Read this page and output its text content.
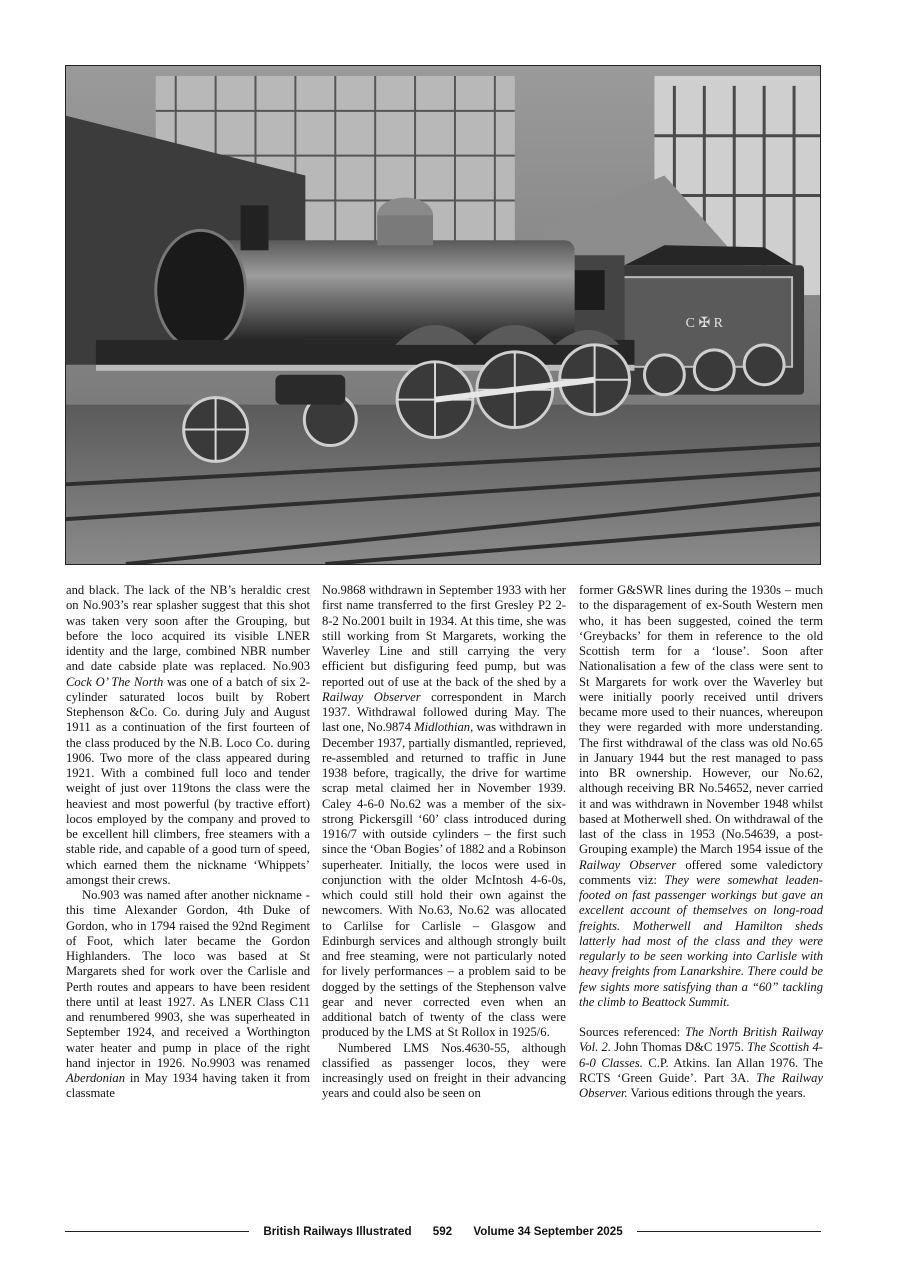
C ✠ R

and black. The lack of the NB’s heraldic crest on No.903’s rear splasher suggest that this shot was taken very soon after the Grouping, but before the loco acquired its visible LNER identity and the large, combined NBR number and date cabside plate was replaced. No.903 Cock O’ The North was one of a batch of six 2-cylinder saturated locos built by Robert Stephenson &Co. Co. during July and August 1911 as a continuation of the first fourteen of the class produced by the N.B. Loco Co. during 1906. Two more of the class appeared during 1921. With a combined full loco and tender weight of just over 119tons the class were the heaviest and most powerful (by tractive effort) locos employed by the company and proved to be excellent hill climbers, free steamers with a stable ride, and capable of a good turn of speed, which earned them the nickname ‘Whippets’ amongst their crews.

No.903 was named after another nickname - this time Alexander Gordon, 4th Duke of Gordon, who in 1794 raised the 92nd Regiment of Foot, which later became the Gordon Highlanders. The loco was based at St Margarets shed for work over the Carlisle and Perth routes and appears to have been resident there until at least 1927. As LNER Class C11 and renumbered 9903, she was superheated in September 1924, and received a Worthington water heater and pump in place of the right hand injector in 1926. No.9903 was renamed Aberdonian in May 1934 having taken it from classmate

No.9868 withdrawn in September 1933 with her first name transferred to the first Gresley P2 2-8-2 No.2001 built in 1934. At this time, she was still working from St Margarets, working the Waverley Line and still carrying the very efficient but disfiguring feed pump, but was reported out of use at the back of the shed by a Railway Observer correspondent in March 1937. Withdrawal followed during May. The last one, No.9874 Midlothian, was withdrawn in December 1937, partially dismantled, reprieved, re-assembled and returned to traffic in June 1938 before, tragically, the drive for wartime scrap metal claimed her in November 1939. Caley 4-6-0 No.62 was a member of the six-strong Pickersgill ‘60’ class introduced during 1916/7 with outside cylinders – the first such since the ‘Oban Bogies’ of 1882 and a Robinson superheater. Initially, the locos were used in conjunction with the older McIntosh 4-6-0s, which could still hold their own against the newcomers. With No.63, No.62 was allocated to Carlilse for Carlisle – Glasgow and Edinburgh services and although strongly built and free steaming, were not particularly noted for lively performances – a problem said to be dogged by the settings of the Stephenson valve gear and never corrected even when an additional batch of twenty of the class were produced by the LMS at St Rollox in 1925/6.

Numbered LMS Nos.4630-55, although classified as passenger locos, they were increasingly used on freight in their advancing years and could also be seen on

former G&SWR lines during the 1930s – much to the disparagement of ex-South Western men who, it has been suggested, coined the term ‘Greybacks’ for them in reference to the old Scottish term for a ‘louse’. Soon after Nationalisation a few of the class were sent to St Margarets for work over the Waverley but were initially poorly received until drivers became more used to their nuances, whereupon they were regarded with more understanding. The first withdrawal of the class was old No.65 in January 1944 but the rest managed to pass into BR ownership. However, our No.62, although receiving BR No.54652, never carried it and was withdrawn in November 1948 whilst based at Motherwell shed. On withdrawal of the last of the class in 1953 (No.54639, a post-Grouping example) the March 1954 issue of the Railway Observer offered some valedictory comments viz: They were somewhat leaden-footed on fast passenger workings but gave an excellent account of themselves on long-road freights. Motherwell and Hamilton sheds latterly had most of the class and they were regularly to be seen working into Carlisle with heavy freights from Lanarkshire. There could be few sights more satisfying than a “60” tackling the climb to Beattock Summit.

Sources referenced: The North British Railway Vol. 2. John Thomas D&C 1975. The Scottish 4-6-0 Classes. C.P. Atkins. Ian Allan 1976. The RCTS ‘Green Guide’. Part 3A. The Railway Observer. Various editions through the years.

British Railways Illustrated 592 Volume 34 September 2025
